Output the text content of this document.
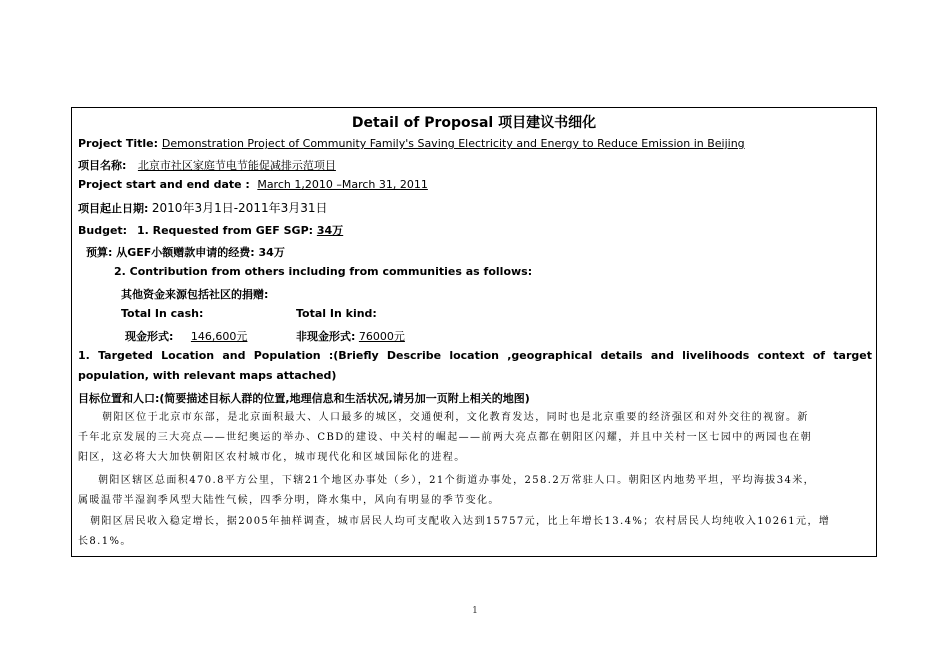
Detail of Proposal 项目建议书细化
Project Title: Demonstration Project of Community Family's Saving Electricity and Energy to Reduce Emission in Beijing
项目名称: 北京市社区家庭节电节能促减排示范项目
Project start and end date : March 1,2010 –March 31, 2011
项目起止日期: 2010年3月1日-2011年3月31日
Budget: 1. Requested from GEF SGP: 34万
预算: 从GEF小额赠款申请的经费: 34万
2. Contribution from others including from communities as follows:
其他资金来源包括社区的捐赠:
Total In cash:	Total In kind:
现金形式: 146,600元	非现金形式: 76000元
1. Targeted Location and Population :(Briefly Describe location ,geographical details and livelihoods context of target
population, with relevant maps attached)
目标位置和人口:(简要描述目标人群的位置,地理信息和生活状况,请另加一页附上相关的地图)
朝阳区位于北京市东部，是北京面积最大、人口最多的城区，交通便利，文化教育发达，同时也是北京重要的经济强区和对外交往的视窗。新
千年北京发展的三大亮点——世纪奥运的举办、CBD的建设、中关村的崛起——前两大亮点都在朝阳区闪耀，并且中关村一区七园中的两园也在朝
阳区，这必将大大加快朝阳区农村城市化，城市现代化和区域国际化的进程。
朝阳区辖区总面积470.8平方公里，下辖21个地区办事处（乡），21个街道办事处，258.2万常驻人口。朝阳区内地势平坦，平均海拔34米，
属暖温带半湿润季风型大陆性气候，四季分明，降水集中，风向有明显的季节变化。
朝阳区居民收入稳定增长，据2005年抽样调查，城市居民人均可支配收入达到15757元，比上年增长13.4%；农村居民人均纯收入10261元，增
长8.1%。
1
